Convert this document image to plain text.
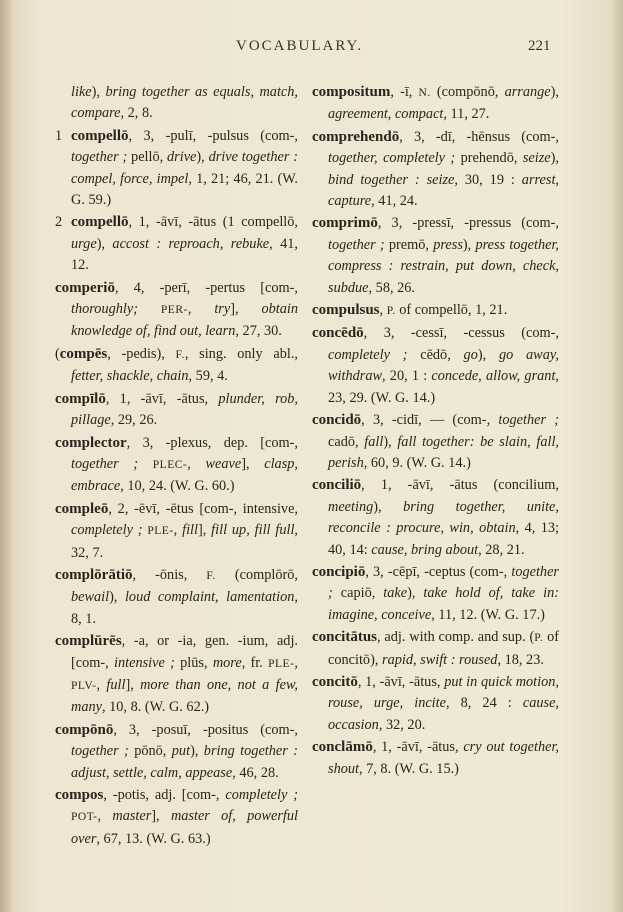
VOCABULARY.	221

like), bring together as equals, match, compare, 2, 8.

1 compellō, 3, -pulī, -pulsus (com-, together ; pellō, drive), drive together : compel, force, impel, 1, 21; 46, 21. (W. G. 59.)

2 compellō, 1, -āvī, -ātus (1 compellō, urge), accost : reproach, rebuke, 41, 12.

comperiō, 4, -perī, -pertus [com-, thoroughly; PER-, try], obtain knowledge of, find out, learn, 27, 30.

(compēs, -pedis), F., sing. only abl., fetter, shackle, chain, 59, 4.

compīlō, 1, -āvī, -ātus, plunder, rob, pillage, 29, 26.

complector, 3, -plexus, dep. [com-, together ; PLEC-, weave], clasp, embrace, 10, 24. (W. G. 60.)

compleō, 2, -ēvī, -ētus [com-, intensive, completely ; PLE-, fill], fill up, fill full, 32, 7.

complōrātiō, -ōnis, F. (complōrō, bewail), loud complaint, lamentation, 8, 1.

complūrēs, -a, or -ia, gen. -ium, adj. [com-, intensive ; plūs, more, fr. PLE-, PLV-, full], more than one, not a few, many, 10, 8. (W. G. 62.)

compōnō, 3, -posuī, -positus (com-, together ; pōnō, put), bring together : adjust, settle, calm, appease, 46, 28.

compos, -potis, adj. [com-, completely ; POT-, master], master of, powerful over, 67, 13. (W. G. 63.)

compositum, -ī, N. (compōnō, arrange), agreement, compact, 11, 27.

comprehendō, 3, -dī, -hēnsus (com-, together, completely ; prehendō, seize), bind together : seize, 30, 19 : arrest, capture, 41, 24.

comprimō, 3, -pressī, -pressus (com-, together ; premō, press), press together, compress : restrain, put down, check, subdue, 58, 26.

compulsus, P. of compellō, 1, 21.

concēdō, 3, -cessī, -cessus (com-, completely ; cēdō, go), go away, withdraw, 20, 1 : concede, allow, grant, 23, 29. (W. G. 14.)

concidō, 3, -cidī, — (com-, together ; cadō, fall), fall together: be slain, fall, perish, 60, 9. (W. G. 14.)

conciliō, 1, -āvī, -ātus (concilium, meeting), bring together, unite, reconcile : procure, win, obtain, 4, 13; 40, 14: cause, bring about, 28, 21.

concipiō, 3, -cēpī, -ceptus (com-, together ; capiō, take), take hold of, take in: imagine, conceive, 11, 12. (W. G. 17.)

concitātus, adj. with comp. and sup. (P. of concitō), rapid, swift : roused, 18, 23.

concitō, 1, -āvī, -ātus, put in quick motion, rouse, urge, incite, 8, 24 : cause, occasion, 32, 20.

conclāmō, 1, -āvī, -ātus, cry out together, shout, 7, 8. (W. G. 15.)
